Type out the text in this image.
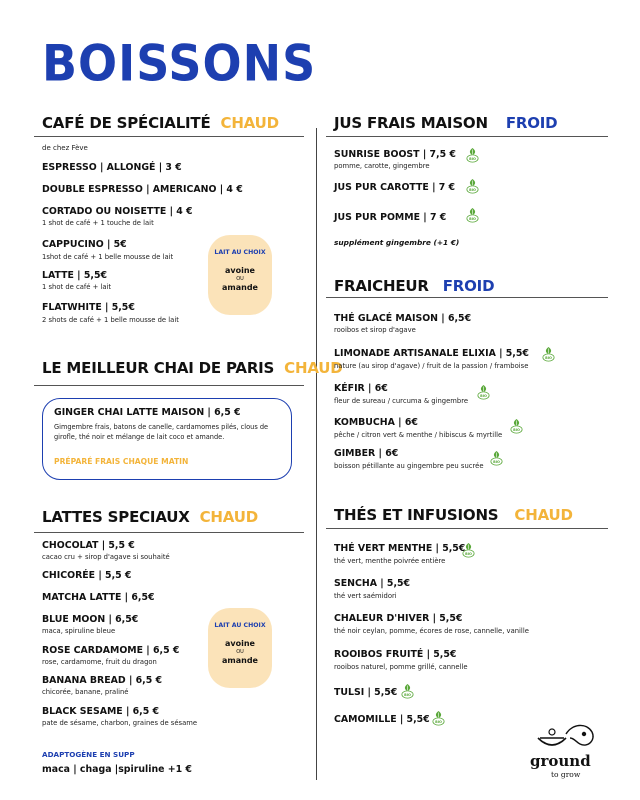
BOISSONS
CAFÉ DE SPÉCIALITÉ CHAUD
de chez Fève
ESPRESSO | ALLONGÉ | 3 €
DOUBLE ESPRESSO | AMERICANO | 4 €
CORTADO OU NOISETTE | 4 €
1 shot de café + 1 touche de lait
CAPPUCINO | 5€
1shot de café + 1 belle mousse de lait
LATTE | 5,5€
1 shot de café + lait
FLATWHITE | 5,5€
2 shots de café + 1 belle mousse de lait
LAIT AU CHOIX
avoine
OU
amande
LE MEILLEUR CHAI DE PARIS CHAUD
GINGER CHAI LATTE MAISON | 6,5 €
Gimgembre frais, batons de canelle, cardamomes pilés, clous de girofle, thé noir et mélange de lait coco et amande.
PRÉPARÉ FRAIS CHAQUE MATIN
LATTES SPECIAUX CHAUD
CHOCOLAT | 5,5 €
cacao cru + sirop d'agave si souhaité
CHICORÉE | 5,5 €
MATCHA LATTE | 6,5€
BLUE MOON | 6,5€
maca, spiruline bleue
ROSE CARDAMOME | 6,5 €
rose, cardamome, fruit du dragon
BANANA BREAD | 6,5 €
chicorée, banane, praliné
BLACK SESAME | 6,5 €
pate de sésame, charbon, graines de sésame
LAIT AU CHOIX
avoine
OU
amande
ADAPTOGÈNE EN SUPP
maca | chaga |spiruline +1 €
JUS FRAIS MAISON FROID
SUNRISE BOOST | 7,5 €
pomme, carotte, gingembre
BIO
JUS PUR CAROTTE | 7 €	BIO
JUS PUR POMME | 7 €	BIO
supplément gingembre (+1 €)
FRAICHEUR FROID
THÉ GLACÉ MAISON | 6,5€
rooibos et sirop d'agave
LIMONADE ARTISANALE ELIXIA | 5,5€
nature (au sirop d'agave) / fruit de la passion / framboise
BIO
KÉFIR | 6€
fleur de sureau / curcuma & gingembre
BIO
KOMBUCHA | 6€
pêche / citron vert & menthe / hibiscus & myrtille
BIO
GIMBER | 6€
boisson pétillante au gingembre peu sucrée	BIO
THÉS ET INFUSIONS CHAUD
THÉ VERT MENTHE | 5,5€
thé vert, menthe poivrée entière
BIO
SENCHA | 5,5€
thé vert saémidori
CHALEUR D'HIVER | 5,5€
thé noir ceylan, pomme, écores de rose, cannelle, vanille
ROOIBOS FRUITÉ | 5,5€
rooibos naturel, pomme grillé, cannelle
TULSI | 5,5€ BIO
CAMOMILLE | 5,5€ BIO
ground
to grow
